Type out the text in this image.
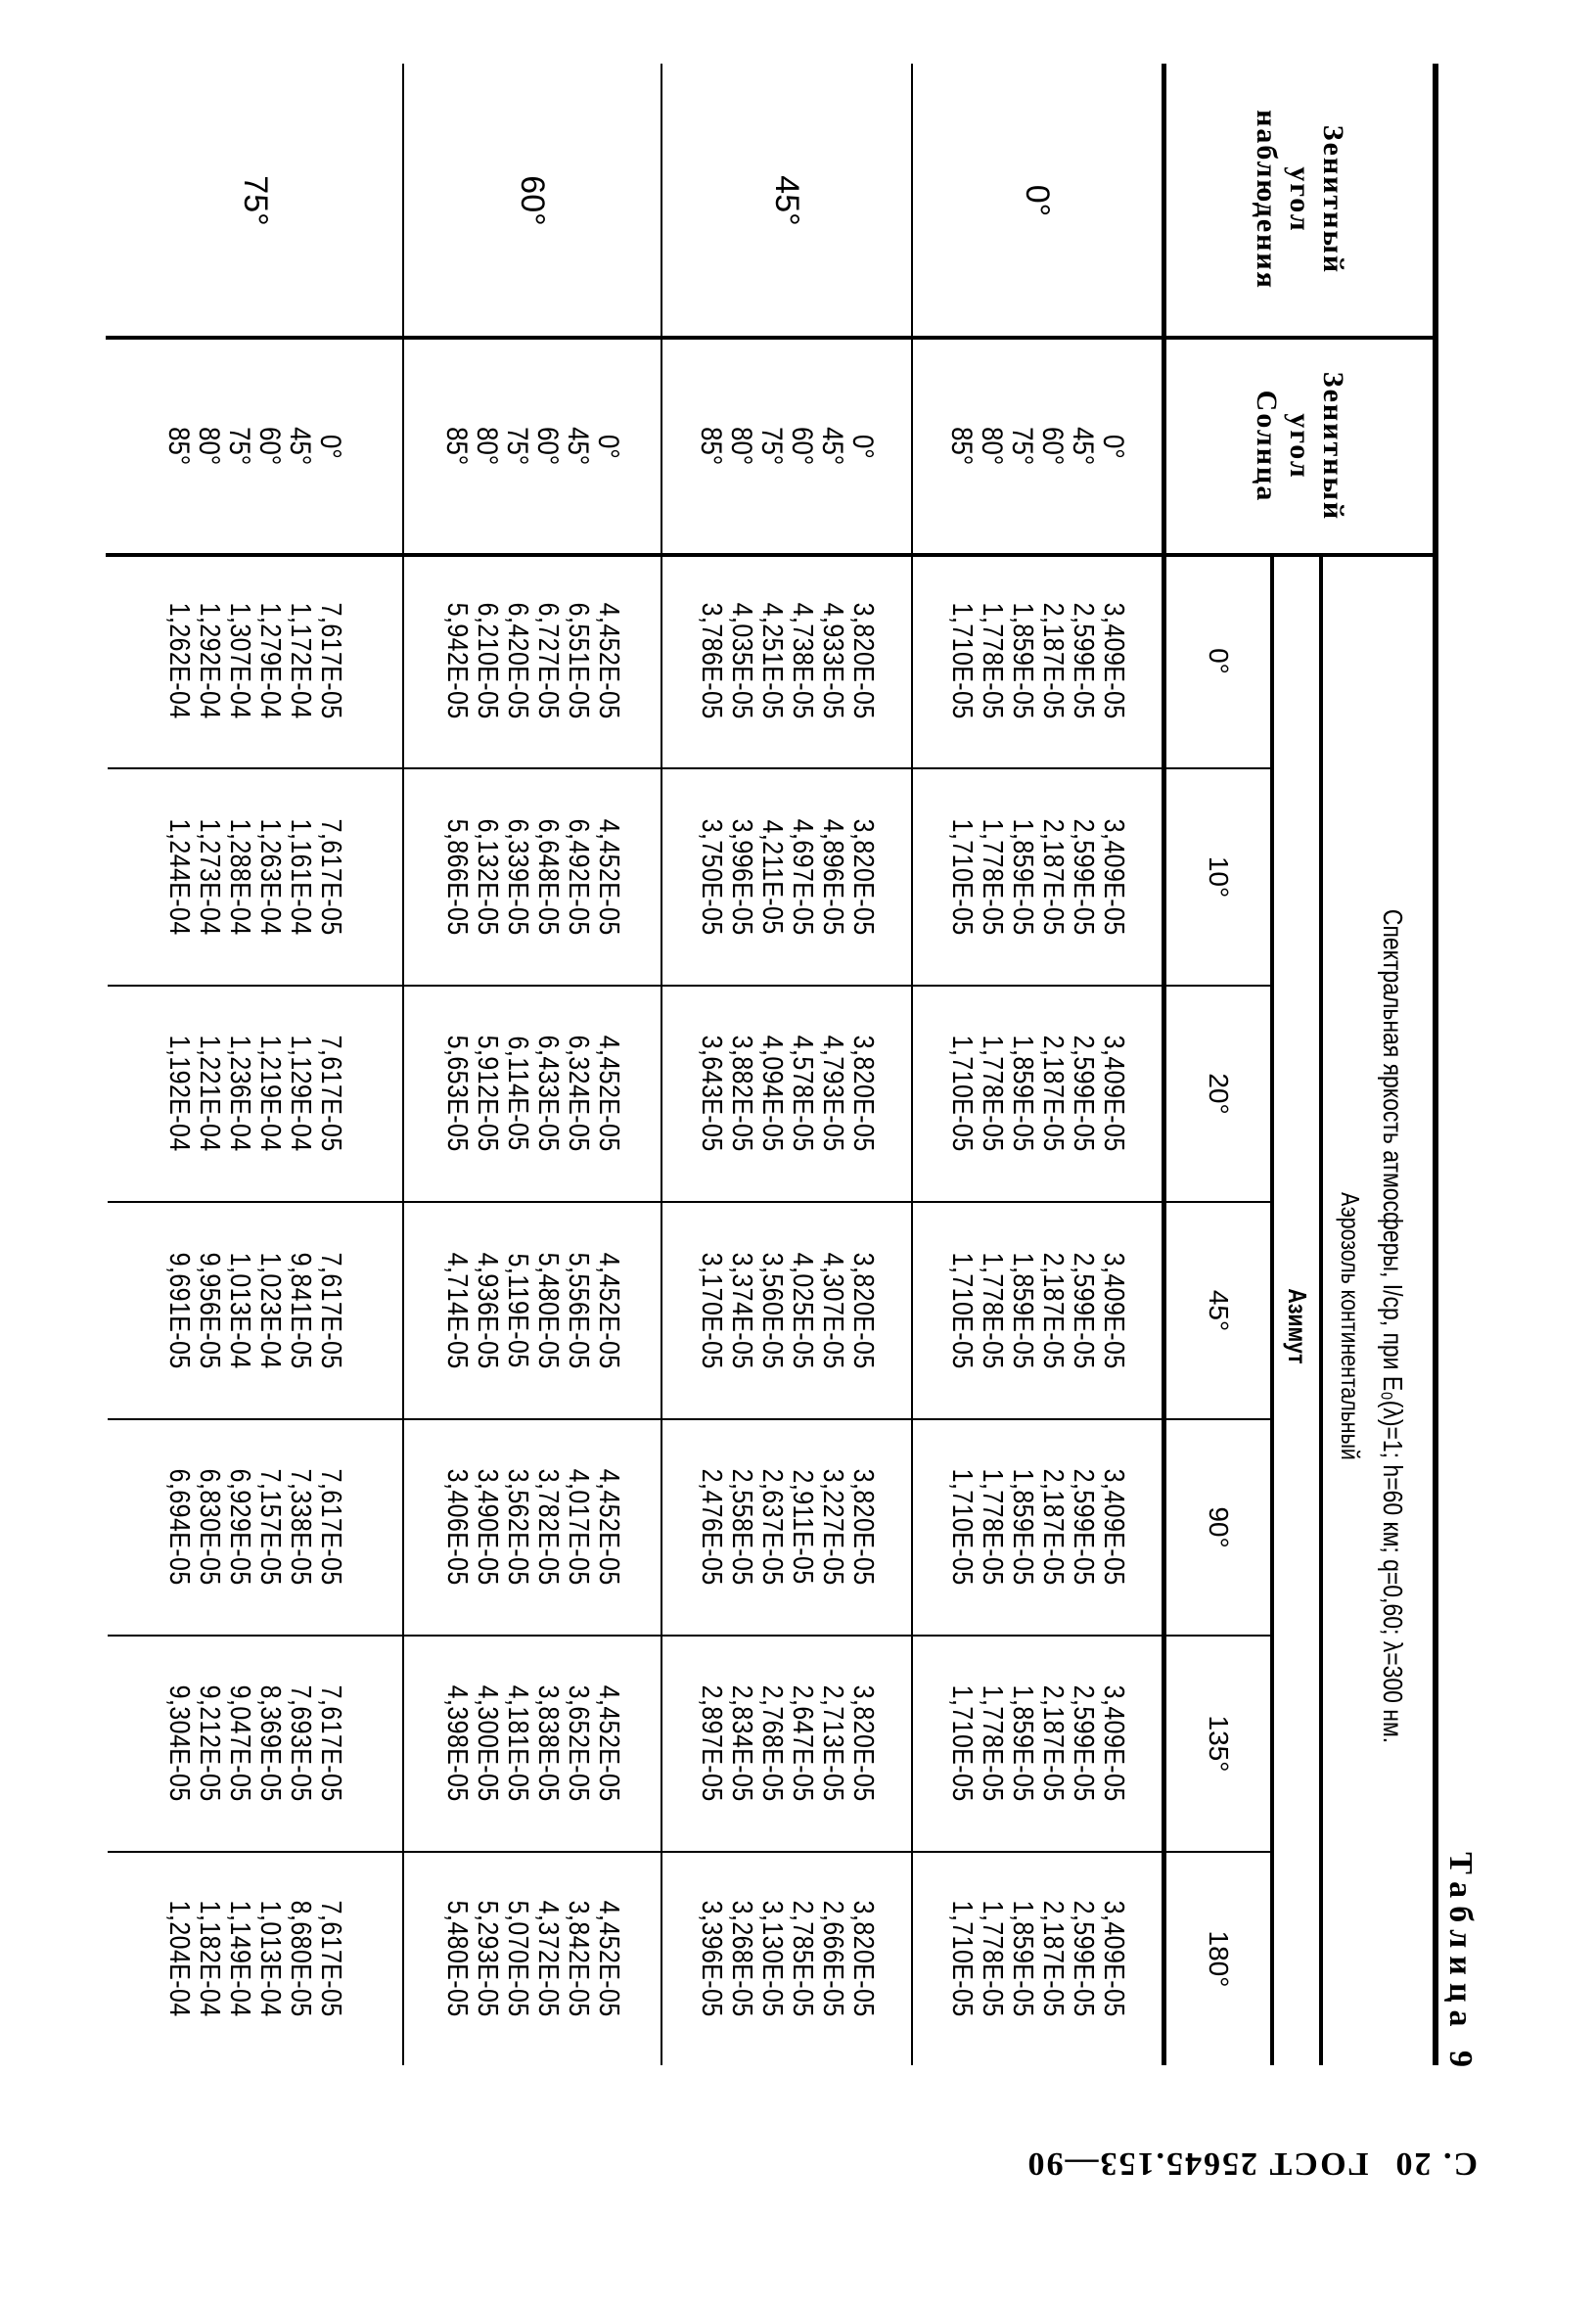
С. 20
ГОСТ 25645.153—90
Таблица 9
Спектральная яркость атмосферы, I/ср, при E₀(λ)=1; h=60 км; q=0,60; λ=300 нм.
Аэрозоль континентальный
Азимут
Зенитный угол наблюдения
Зенитный угол Солнца
0°
10°
20°
45°
90°
135°
180°
0°
0°
45°
60°
75°
80°
85°
3,409E-05
2,599E-05
2,187E-05
1,859E-05
1,778E-05
1,710E-05
3,409E-05
2,599E-05
2,187E-05
1,859E-05
1,778E-05
1,710E-05
3,409E-05
2,599E-05
2,187E-05
1,859E-05
1,778E-05
1,710E-05
3,409E-05
2,599E-05
2,187E-05
1,859E-05
1,778E-05
1,710E-05
3,409E-05
2,599E-05
2,187E-05
1,859E-05
1,778E-05
1,710E-05
3,409E-05
2,599E-05
2,187E-05
1,859E-05
1,778E-05
1,710E-05
3,409E-05
2,599E-05
2,187E-05
1,859E-05
1,778E-05
1,710E-05
45°
0°
45°
60°
75°
80°
85°
3,820E-05
4,933E-05
4,738E-05
4,251E-05
4,035E-05
3,786E-05
3,820E-05
4,896E-05
4,697E-05
4,211E-05
3,996E-05
3,750E-05
3,820E-05
4,793E-05
4,578E-05
4,094E-05
3,882E-05
3,643E-05
3,820E-05
4,307E-05
4,025E-05
3,560E-05
3,374E-05
3,170E-05
3,820E-05
3,227E-05
2,911E-05
2,637E-05
2,558E-05
2,476E-05
3,820E-05
2,713E-05
2,647E-05
2,768E-05
2,834E-05
2,897E-05
3,820E-05
2,666E-05
2,785E-05
3,130E-05
3,268E-05
3,396E-05
60°
0°
45°
60°
75°
80°
85°
4,452E-05
6,551E-05
6,727E-05
6,420E-05
6,210E-05
5,942E-05
4,452E-05
6,492E-05
6,648E-05
6,339E-05
6,132E-05
5,866E-05
4,452E-05
6,324E-05
6,433E-05
6,114E-05
5,912E-05
5,653E-05
4,452E-05
5,556E-05
5,480E-05
5,119E-05
4,936E-05
4,714E-05
4,452E-05
4,017E-05
3,782E-05
3,562E-05
3,490E-05
3,406E-05
4,452E-05
3,652E-05
3,838E-05
4,181E-05
4,300E-05
4,398E-05
4,452E-05
3,842E-05
4,372E-05
5,070E-05
5,293E-05
5,480E-05
75°
0°
45°
60°
75°
80°
85°
7,617E-05
1,172E-04
1,279E-04
1,307E-04
1,292E-04
1,262E-04
7,617E-05
1,161E-04
1,263E-04
1,288E-04
1,273E-04
1,244E-04
7,617E-05
1,129E-04
1,219E-04
1,236E-04
1,221E-04
1,192E-04
7,617E-05
9,841E-05
1,023E-04
1,013E-04
9,956E-05
9,691E-05
7,617E-05
7,338E-05
7,157E-05
6,929E-05
6,830E-05
6,694E-05
7,617E-05
7,693E-05
8,369E-05
9,047E-05
9,212E-05
9,304E-05
7,617E-05
8,680E-05
1,013E-04
1,149E-04
1,182E-04
1,204E-04
